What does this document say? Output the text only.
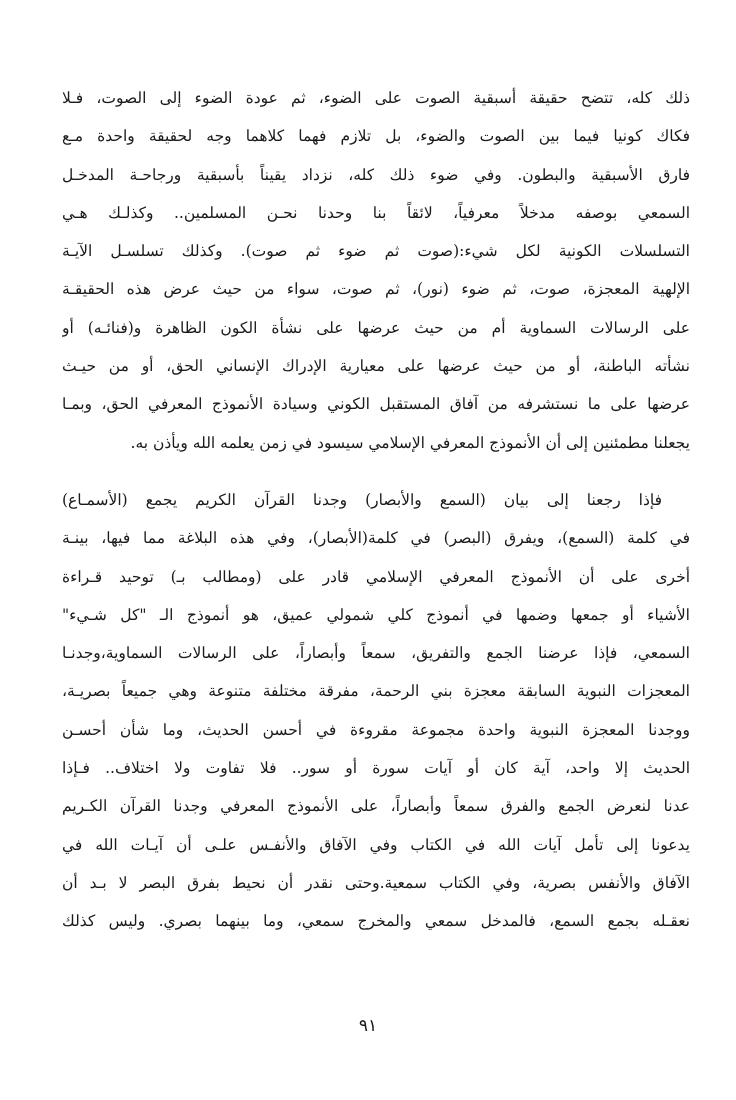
ذلك كله، تتضح حقيقة أسبقية الصوت على الضوء، ثم عودة الضوء إلى الصوت، فـلا
فكاك كونيا فيما بين الصوت والضوء، بل تلازم فهما كلاهما وجه لحقيقة واحدة مـع
فارق الأسبقية والبطون. وفي ضوء ذلك كله، نزداد يقيناً بأسبقية ورجاحـة المدخـل
السمعي بوصفه مدخلاً معرفياً، لائقاً بنا وحدنا نحـن المسلمين.. وكذلـك هـي
التسلسلات الكونية لكل شيء:(صوت ثم ضوء ثم صوت). وكذلك تسلسـل الآيـة
الإلهية المعجزة، صوت، ثم ضوء (نور)، ثم صوت، سواء من حيث عرض هذه الحقيقـة
على الرسالات السماوية أم من حيث عرضها على نشأة الكون الظاهرة و(فنائـه) أو
نشأته الباطنة، أو من حيث عرضها على معيارية الإدراك الإنساني الحق، أو من حيـث
عرضها على ما نستشرفه من آفاق المستقبل الكوني وسيادة الأنموذج المعرفي الحق، وبمـا
يجعلنا مطمئنين إلى أن الأنموذج المعرفي الإسلامي سيسود في زمن يعلمه الله ويأذن به.
فإذا رجعنا إلى بيان (السمع والأبصار) وجدنا القرآن الكريم يجمع (الأسمـاع)
في كلمة (السمع)، ويفرق (البصر) في كلمة(الأبصار)، وفي هذه البلاغة مما فيها، بينـة
أخرى على أن الأنموذج المعرفي الإسلامي قادر على (ومطالب بـ) توحيد قـراءة
الأشياء أو جمعها وضمها في أنموذج كلي شمولي عميق، هو أنموذج الـ "كل شـيء"
السمعي، فإذا عرضنا الجمع والتفريق، سمعاً وأبصاراً، على الرسالات السماوية،وجدنـا
المعجزات النبوية السابقة معجزة بني الرحمة، مفرقة مختلفة متنوعة وهي جميعاً بصريـة،
ووجدنا المعجزة النبوية واحدة مجموعة مقروءة في أحسن الحديث، وما شأن أحسـن
الحديث إلا واحد، آية كان أو آيات سورة أو سور.. فلا تفاوت ولا اختلاف.. فـإذا
عدنا لنعرض الجمع والفرق سمعاً وأبصاراً، على الأنموذج المعرفي وجدنا القرآن الكـريم
يدعونا إلى تأمل آيات الله في الكتاب وفي الآفاق والأنفـس علـى أن آيـات الله في
الآفاق والأنفس بصرية، وفي الكتاب سمعية.وحتى نقدر أن نحيط بفرق البصر لا بـد أن
نعقـله بجمع السمع، فالمدخل سمعي والمخرج سمعي، وما بينهما بصري. وليس كذلك
٩١
